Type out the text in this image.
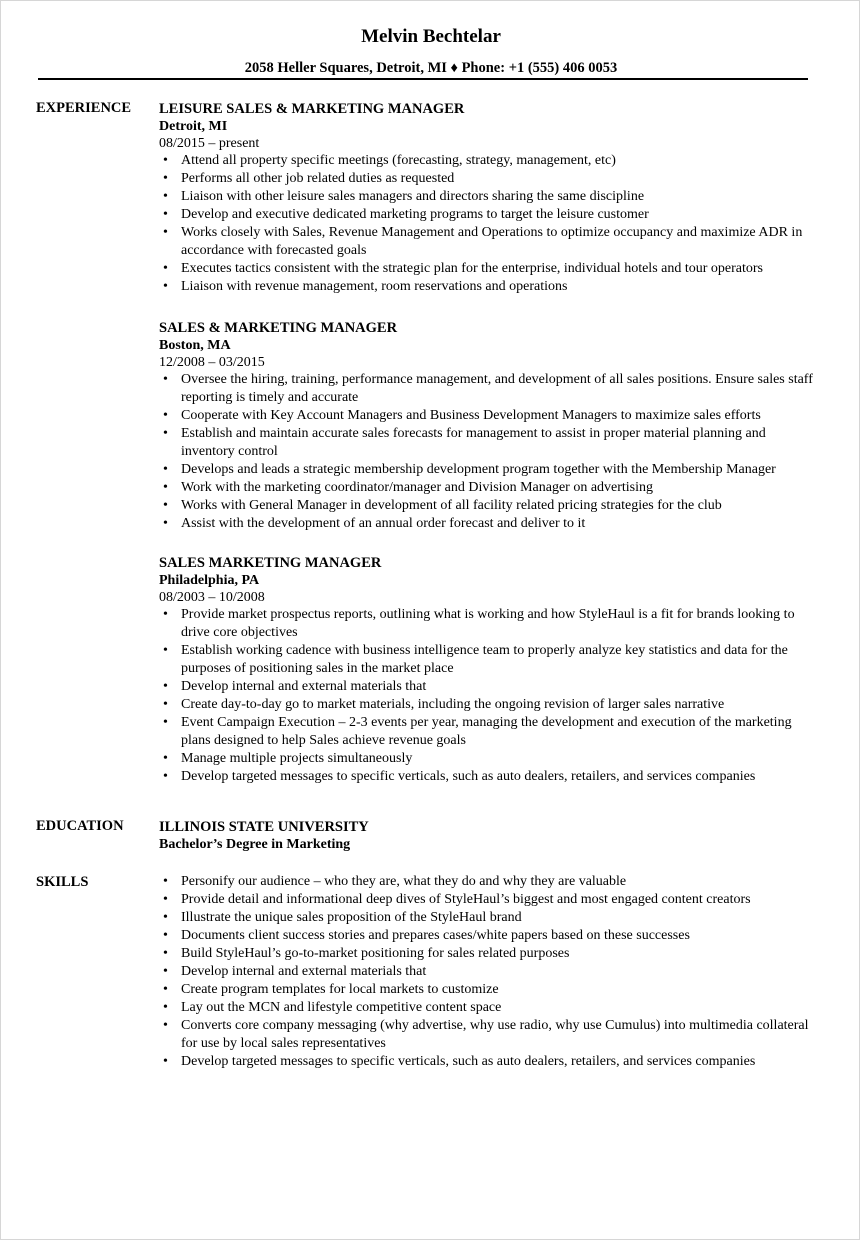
Melvin Bechtelar
2058 Heller Squares, Detroit, MI ♦ Phone: +1 (555) 406 0053
EXPERIENCE LEISURE SALES & MARKETING MANAGER
Detroit, MI
08/2015 – present
• Attend all property specific meetings (forecasting, strategy, management, etc)
• Performs all other job related duties as requested
• Liaison with other leisure sales managers and directors sharing the same discipline
• Develop and executive dedicated marketing programs to target the leisure customer
• Works closely with Sales, Revenue Management and Operations to optimize occupancy and maximize ADR in accordance with forecasted goals
• Executes tactics consistent with the strategic plan for the enterprise, individual hotels and tour operators
• Liaison with revenue management, room reservations and operations
SALES & MARKETING MANAGER
Boston, MA
12/2008 – 03/2015
• Oversee the hiring, training, performance management, and development of all sales positions. Ensure sales staff reporting is timely and accurate
• Cooperate with Key Account Managers and Business Development Managers to maximize sales efforts
• Establish and maintain accurate sales forecasts for management to assist in proper material planning and inventory control
• Develops and leads a strategic membership development program together with the Membership Manager
• Work with the marketing coordinator/manager and Division Manager on advertising
• Works with General Manager in development of all facility related pricing strategies for the club
• Assist with the development of an annual order forecast and deliver to it
SALES MARKETING MANAGER
Philadelphia, PA
08/2003 – 10/2008
• Provide market prospectus reports, outlining what is working and how StyleHaul is a fit for brands looking to drive core objectives
• Establish working cadence with business intelligence team to properly analyze key statistics and data for the purposes of positioning sales in the market place
• Develop internal and external materials that
• Create day-to-day go to market materials, including the ongoing revision of larger sales narrative
• Event Campaign Execution – 2-3 events per year, managing the development and execution of the marketing plans designed to help Sales achieve revenue goals
• Manage multiple projects simultaneously
• Develop targeted messages to specific verticals, such as auto dealers, retailers, and services companies
EDUCATION ILLINOIS STATE UNIVERSITY
Bachelor’s Degree in Marketing
SKILLS	• Personify our audience – who they are, what they do and why they are valuable
• Provide detail and informational deep dives of StyleHaul’s biggest and most engaged content creators
• Illustrate the unique sales proposition of the StyleHaul brand
• Documents client success stories and prepares cases/white papers based on these successes
• Build StyleHaul’s go-to-market positioning for sales related purposes
• Develop internal and external materials that
• Create program templates for local markets to customize
• Lay out the MCN and lifestyle competitive content space
• Converts core company messaging (why advertise, why use radio, why use Cumulus) into multimedia collateral for use by local sales representatives
• Develop targeted messages to specific verticals, such as auto dealers, retailers, and services companies
